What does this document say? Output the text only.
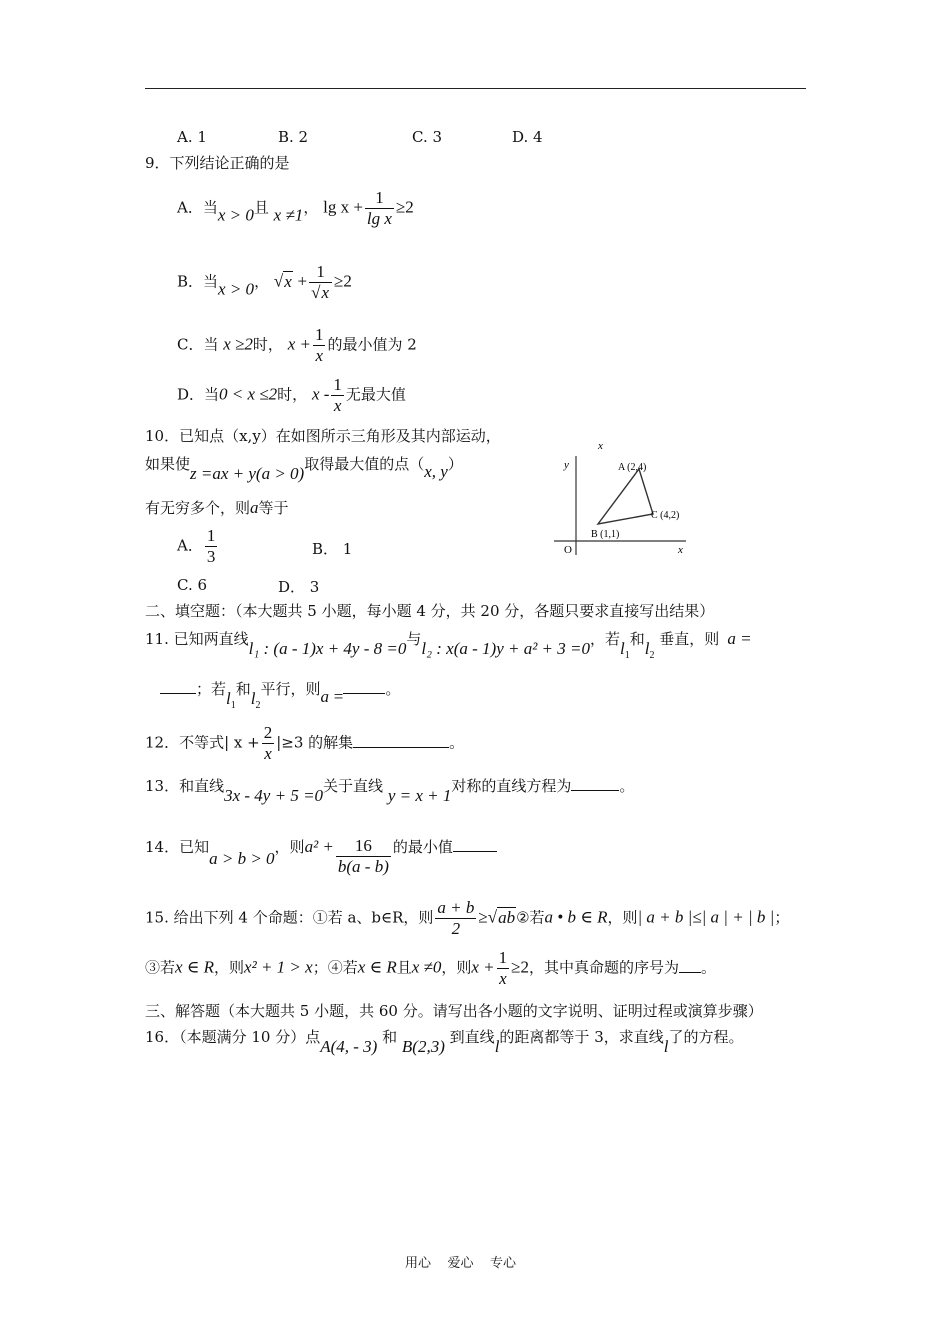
A. 1	B. 2	C. 3	D. 4
9．下列结论正确的是
A．当x > 0且 x ≠1， $\lg x + \frac{1}{\text{lg x}} \ge 2$
B．当x > 0， $√x + \frac{1}{√x} \ge 2$
C．当 x ≥2时， $x + \frac{1}{x}$ 的最小值为 2
D．当0 < x ≤2时， x - $\frac{1}{x}$ 无最大值
10．已知点（x,y）在如图所示三角形及其内部运动，
如果使z =ax + y(a > 0)取得最大值的点（x, y）
有无穷多个，则a等于
A． $\frac{1}{3}$	B． 1
C. 6	D． 3
x
y
x
O
A (2,4)
B (1,1)
C (4,2)
二、填空题：（本大题共 5 小题，每小题 4 分，共 20 分，各题只要求直接写出结果）
11. 已知两直线l₁ : (a - 1)x + 4y - 8 =0与l₂ : x(a - 1)y + a² + 3 =0，若$l_1$和$l_2$ 垂直，则 a =
；若$l_1$和$l_2$平行，则a =	。
12．不等式| $x + \frac{2}{x} |\ge 3$ 的解集	。
13．和直线3x - 4y + 5 =0关于直线 y = x + 1对称的直线方程为	。
14．已知a > b > 0，则$a^2 + \frac{16}{b(a - b)}$ 的最小值
15. 给出下列 4 个命题：①若 a、b∈R，则 $\frac{a + b}{2}$ ≥√ab②若a • b ∈ R，则| a + b |≤| a | + | b |；
③若x ∈ R，则x² + 1 > x；④若x ∈ R且x ≠0，则$x + \frac{1}{x} \ge 2$，其中真命题的序号为 。
三、解答题（本大题共 5 小题，共 60 分。请写出各小题的文字说明、证明过程或演算步骤）
16．（本题满分 10 分）点A(4, - 3) 和 B(2,3) 到直线l的距离都等于 3，求直线l了的方程。
用心    爱心    专心
